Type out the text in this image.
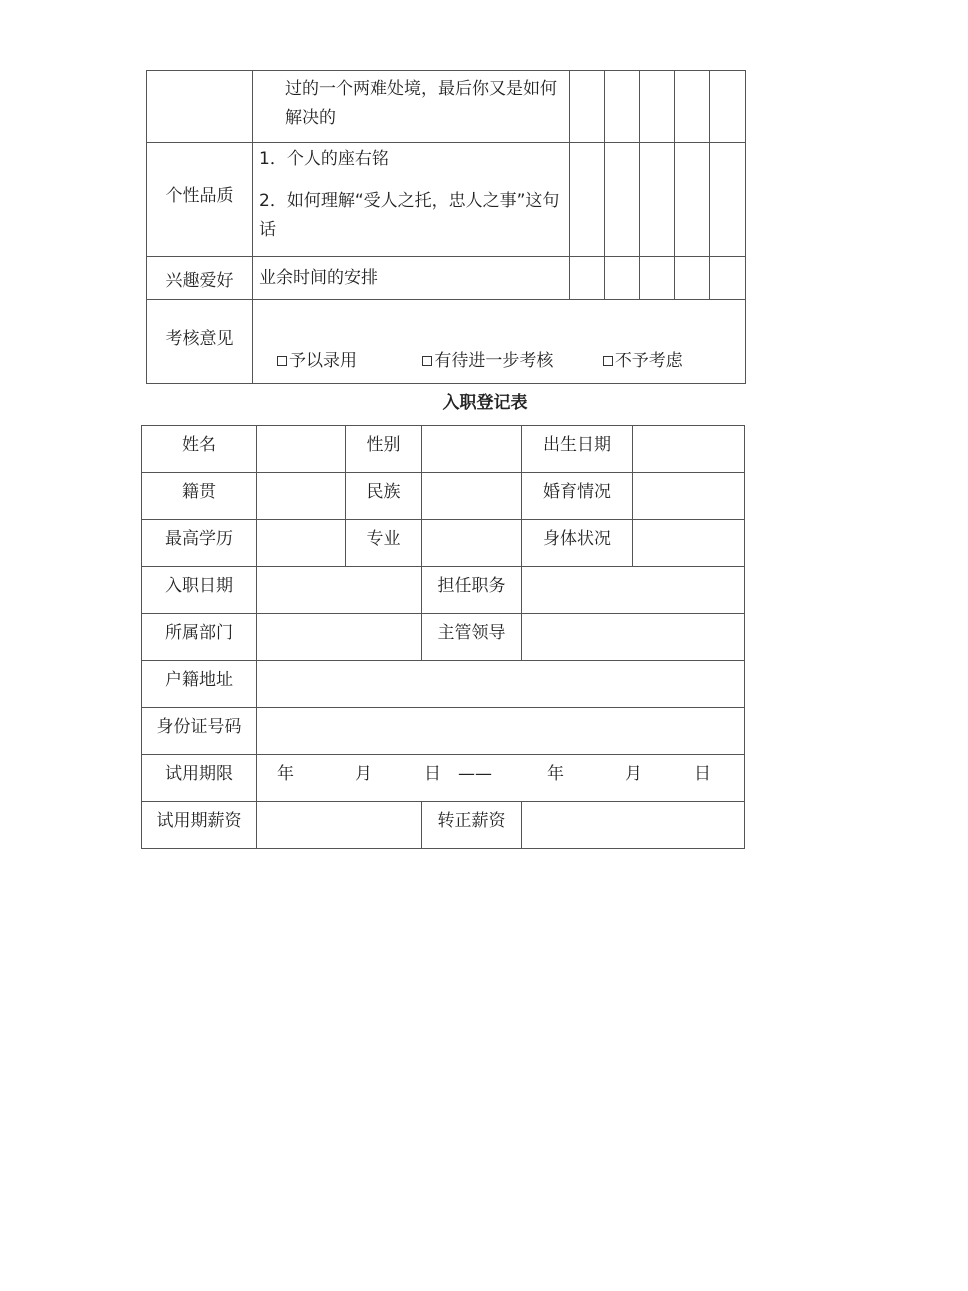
	过的一个两难处境，最后你又是如何解决的					
个性品质	1．个人的座右铭
2．如何理解“受人之托，忠人之事”这句话					

兴趣爱好	业余时间的安排					
考核意见	予以录用 有待进一步考核 不予考虑					
入职登记表
姓名		性别		出生日期	
籍贯		民族		婚育情况	
最高学历		专业		身体状况	
入职日期			担任职务		
所属部门			主管领导		
户籍地址					
身份证号码					
试用期限	年 月 日 —— 年 月 日				
试用期薪资			转正薪资		
